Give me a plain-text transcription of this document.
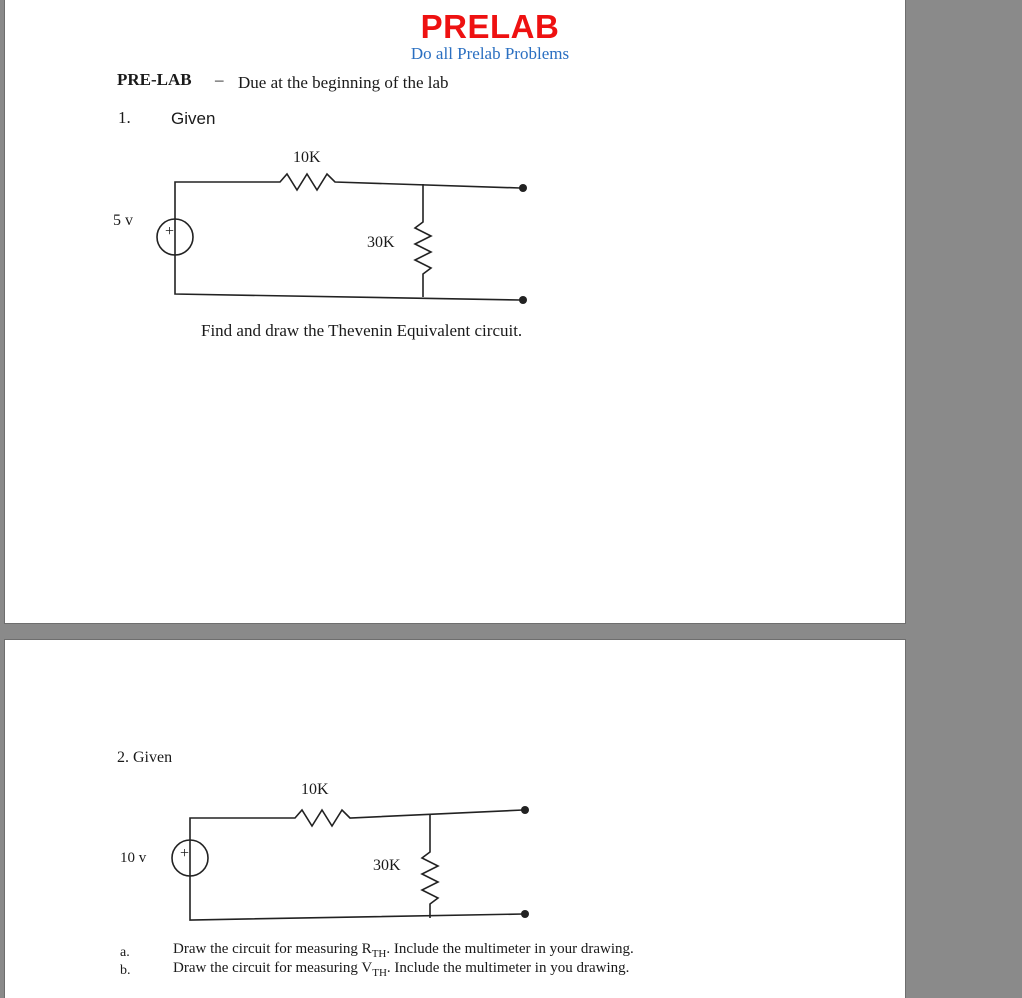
PRELAB
Do all Prelab Problems
PRE-LAB – Due at the beginning of the lab
1. Given
5 v
+
10K
30K
Find and draw the Thevenin Equivalent circuit.
2. Given
10 v +
10K
30K
a.	Draw the circuit for measuring $R_{TH}$. Include the multimeter in your drawing.
b.	Draw the circuit for measuring $V_{TH}$. Include the multimeter in you drawing.
